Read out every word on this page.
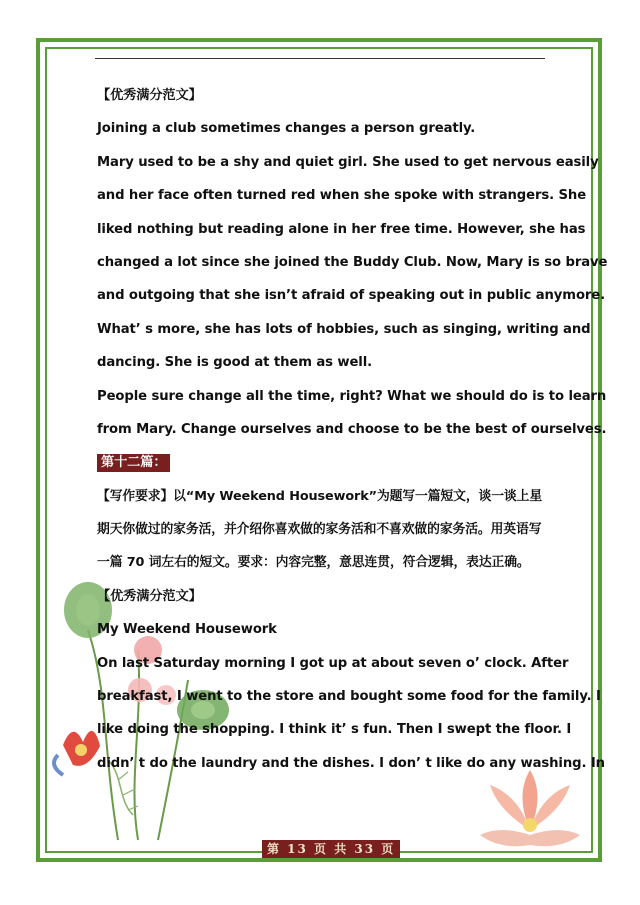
【优秀满分范文】
Joining a club sometimes changes a person greatly.
Mary used to be a shy and quiet girl. She used to get nervous easily
and her face often turned red when she spoke with strangers. She
liked nothing but reading alone in her free time. However, she has
changed a lot since she joined the Buddy Club. Now, Mary is so brave
and outgoing that she isn’t afraid of speaking out in public anymore.
What’ s more, she has lots of hobbies, such as singing, writing and
dancing. She is good at them as well.
People sure change all the time, right? What we should do is to learn
from Mary. Change ourselves and choose to be the best of ourselves.
第十二篇：
【写作要求】以“My Weekend Housework”为题写一篇短文，谈一谈上星
期天你做过的家务活，并介绍你喜欢做的家务活和不喜欢做的家务活。用英语写
一篇 70 词左右的短文。要求：内容完整，意思连贯，符合逻辑，表达正确。
【优秀满分范文】
My Weekend Housework
On last Saturday morning I got up at about seven o’ clock. After
breakfast, I went to the store and bought some food for the family. I
like doing the shopping. I think it’ s fun. Then I swept the floor. I
didn’ t do the laundry and the dishes. I don’ t like do any washing. In
第 13 页 共 33 页
